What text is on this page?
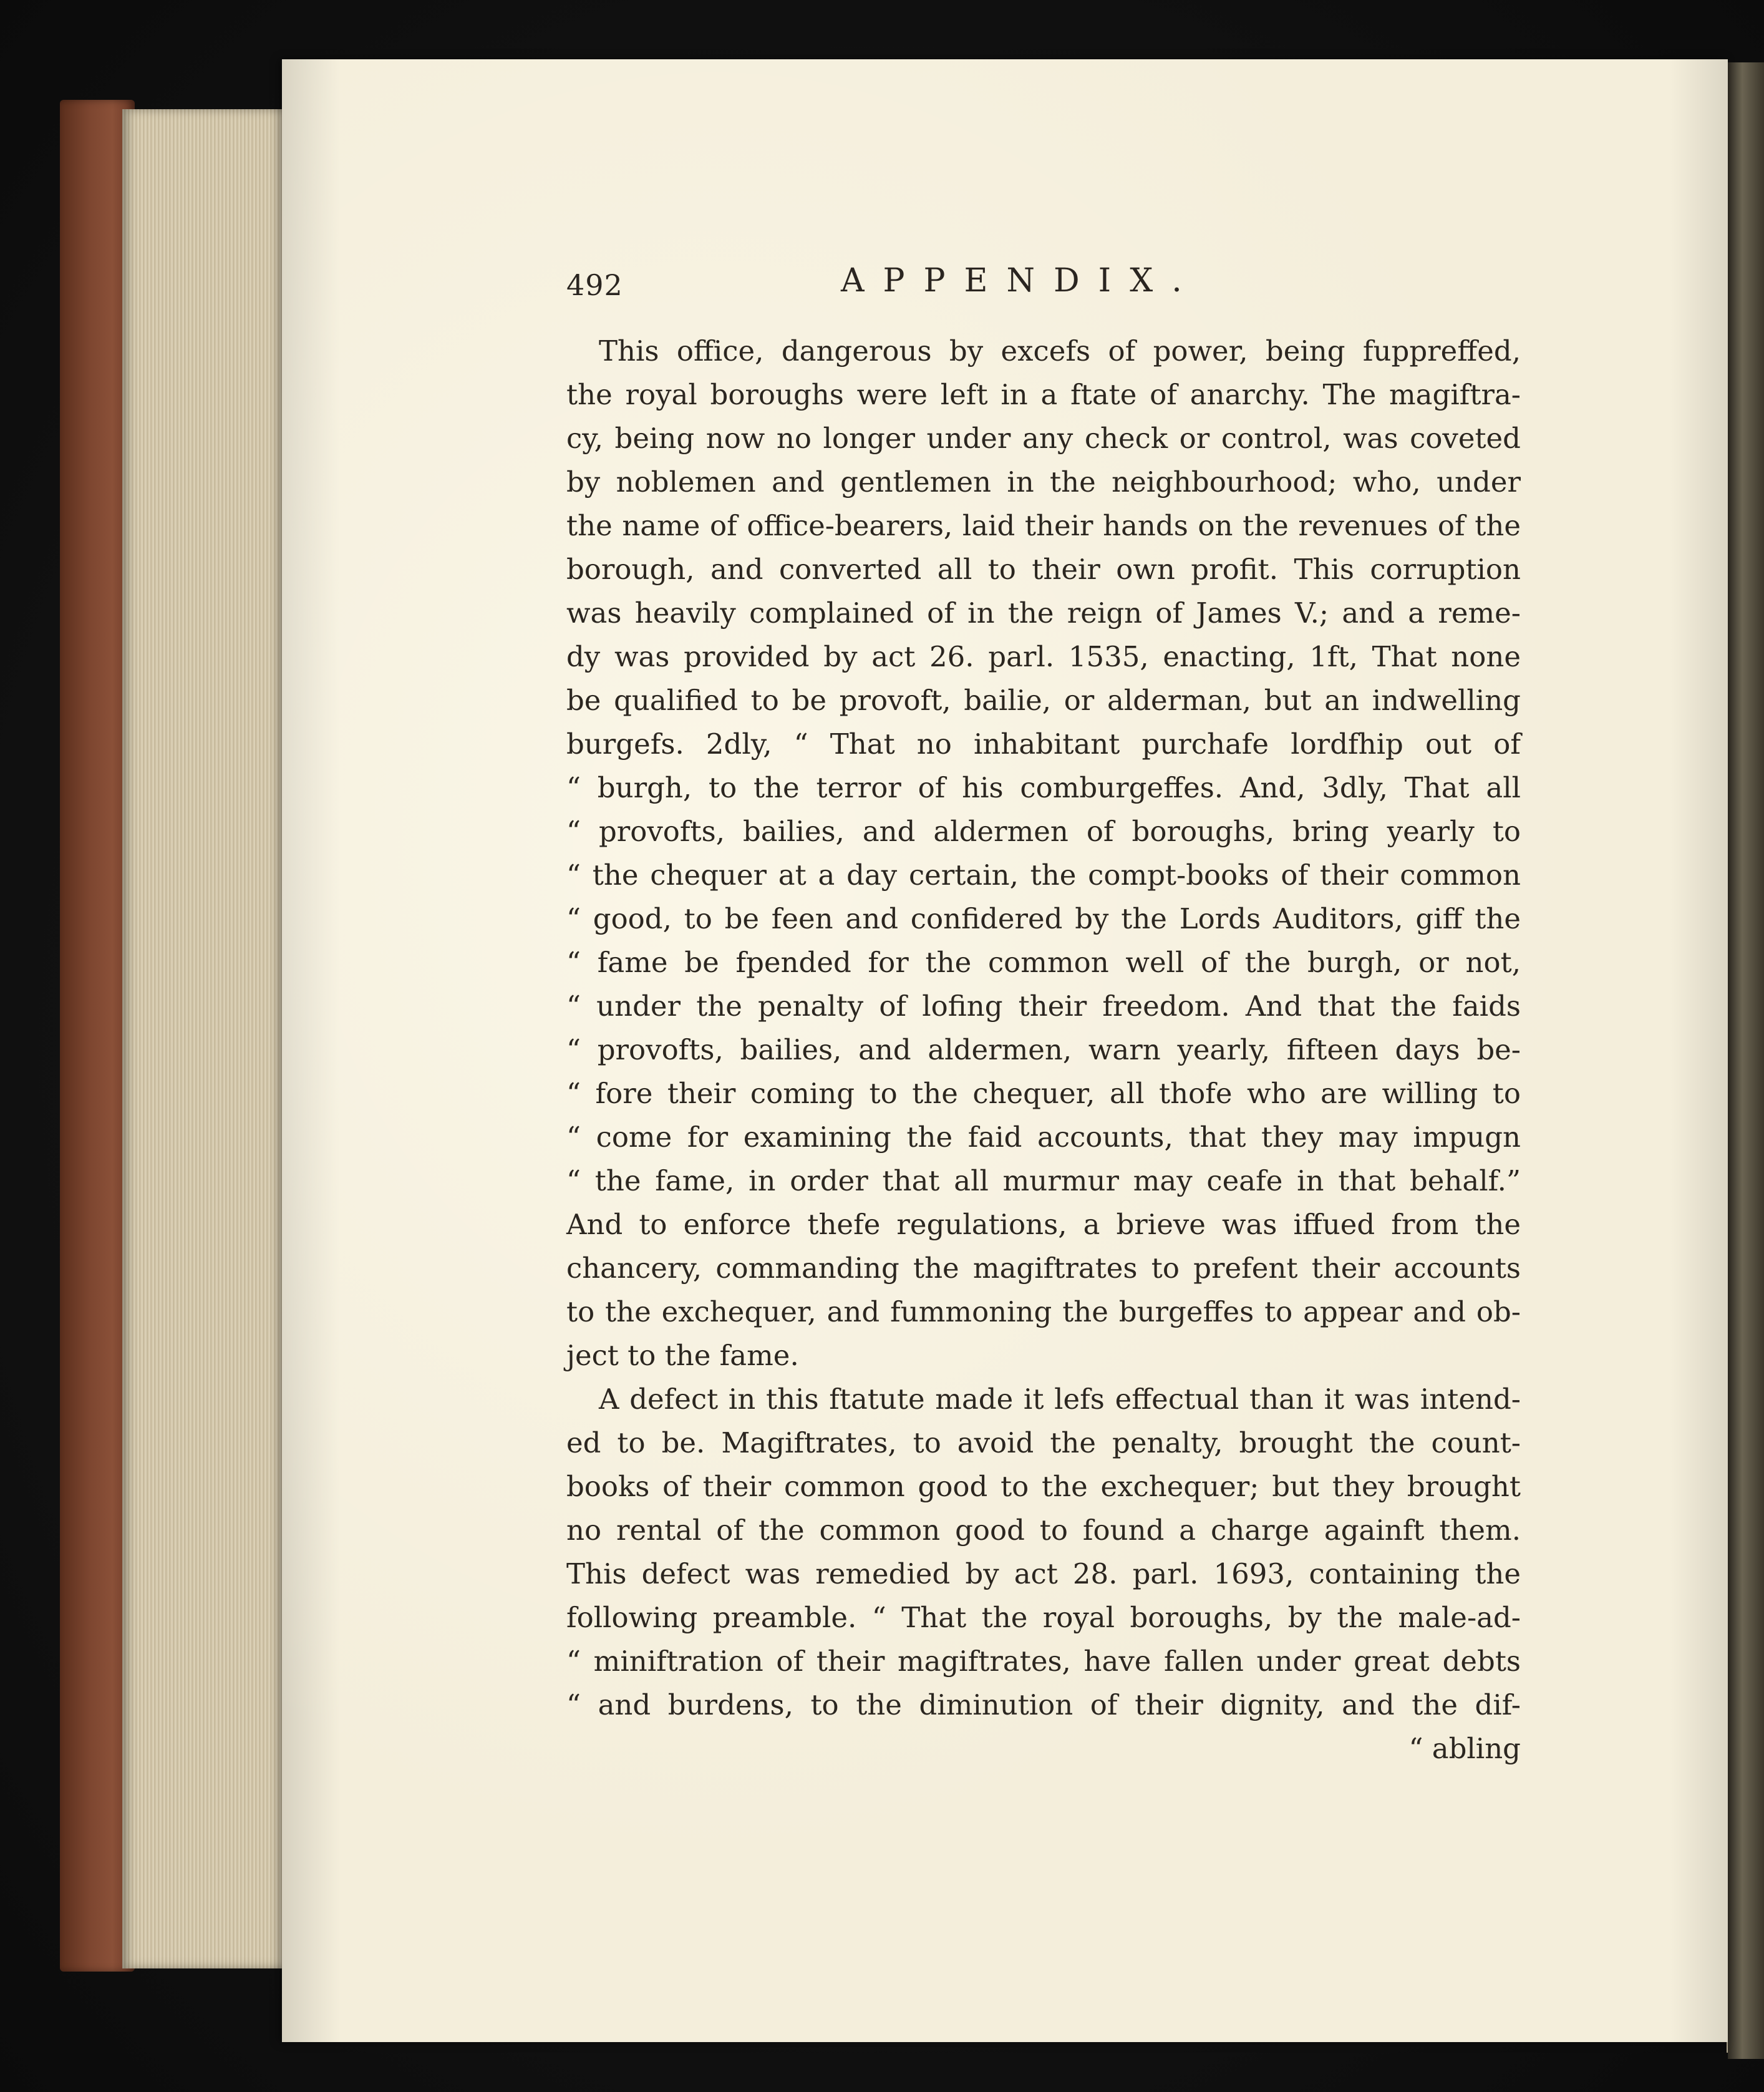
492	APPENDIX.
This office, dangerous by excefs of power, being fuppreffed,
the royal boroughs were left in a ftate of anarchy. The magiftra-
cy, being now no longer under any check or control, was coveted
by noblemen and gentlemen in the neighbourhood; who, under
the name of office-bearers, laid their hands on the revenues of the
borough, and converted all to their own profit. This corruption
was heavily complained of in the reign of James V.; and a reme-
dy was provided by act 26. parl. 1535, enacting, 1ft, That none
be qualified to be provoft, bailie, or alderman, but an indwelling
burgefs. 2dly, “ That no inhabitant purchafe lordfhip out of
“ burgh, to the terror of his comburgeffes. And, 3dly, That all
“ provofts, bailies, and aldermen of boroughs, bring yearly to
“ the chequer at a day certain, the compt-books of their common
“ good, to be feen and confidered by the Lords Auditors, giff the
“ fame be fpended for the common well of the burgh, or not,
“ under the penalty of lofing their freedom. And that the faids
“ provofts, bailies, and aldermen, warn yearly, fifteen days be-
“ fore their coming to the chequer, all thofe who are willing to
“ come for examining the faid accounts, that they may impugn
“ the fame, in order that all murmur may ceafe in that behalf.”
And to enforce thefe regulations, a brieve was iffued from the
chancery, commanding the magiftrates to prefent their accounts
to the exchequer, and fummoning the burgeffes to appear and ob-
ject to the fame.
A defect in this ftatute made it lefs effectual than it was intend-
ed to be. Magiftrates, to avoid the penalty, brought the count-
books of their common good to the exchequer; but they brought
no rental of the common good to found a charge againft them.
This defect was remedied by act 28. parl. 1693, containing the
following preamble. “ That the royal boroughs, by the male-ad-
“ miniftration of their magiftrates, have fallen under great debts
“ and burdens, to the diminution of their dignity, and the dif-
“ abling
